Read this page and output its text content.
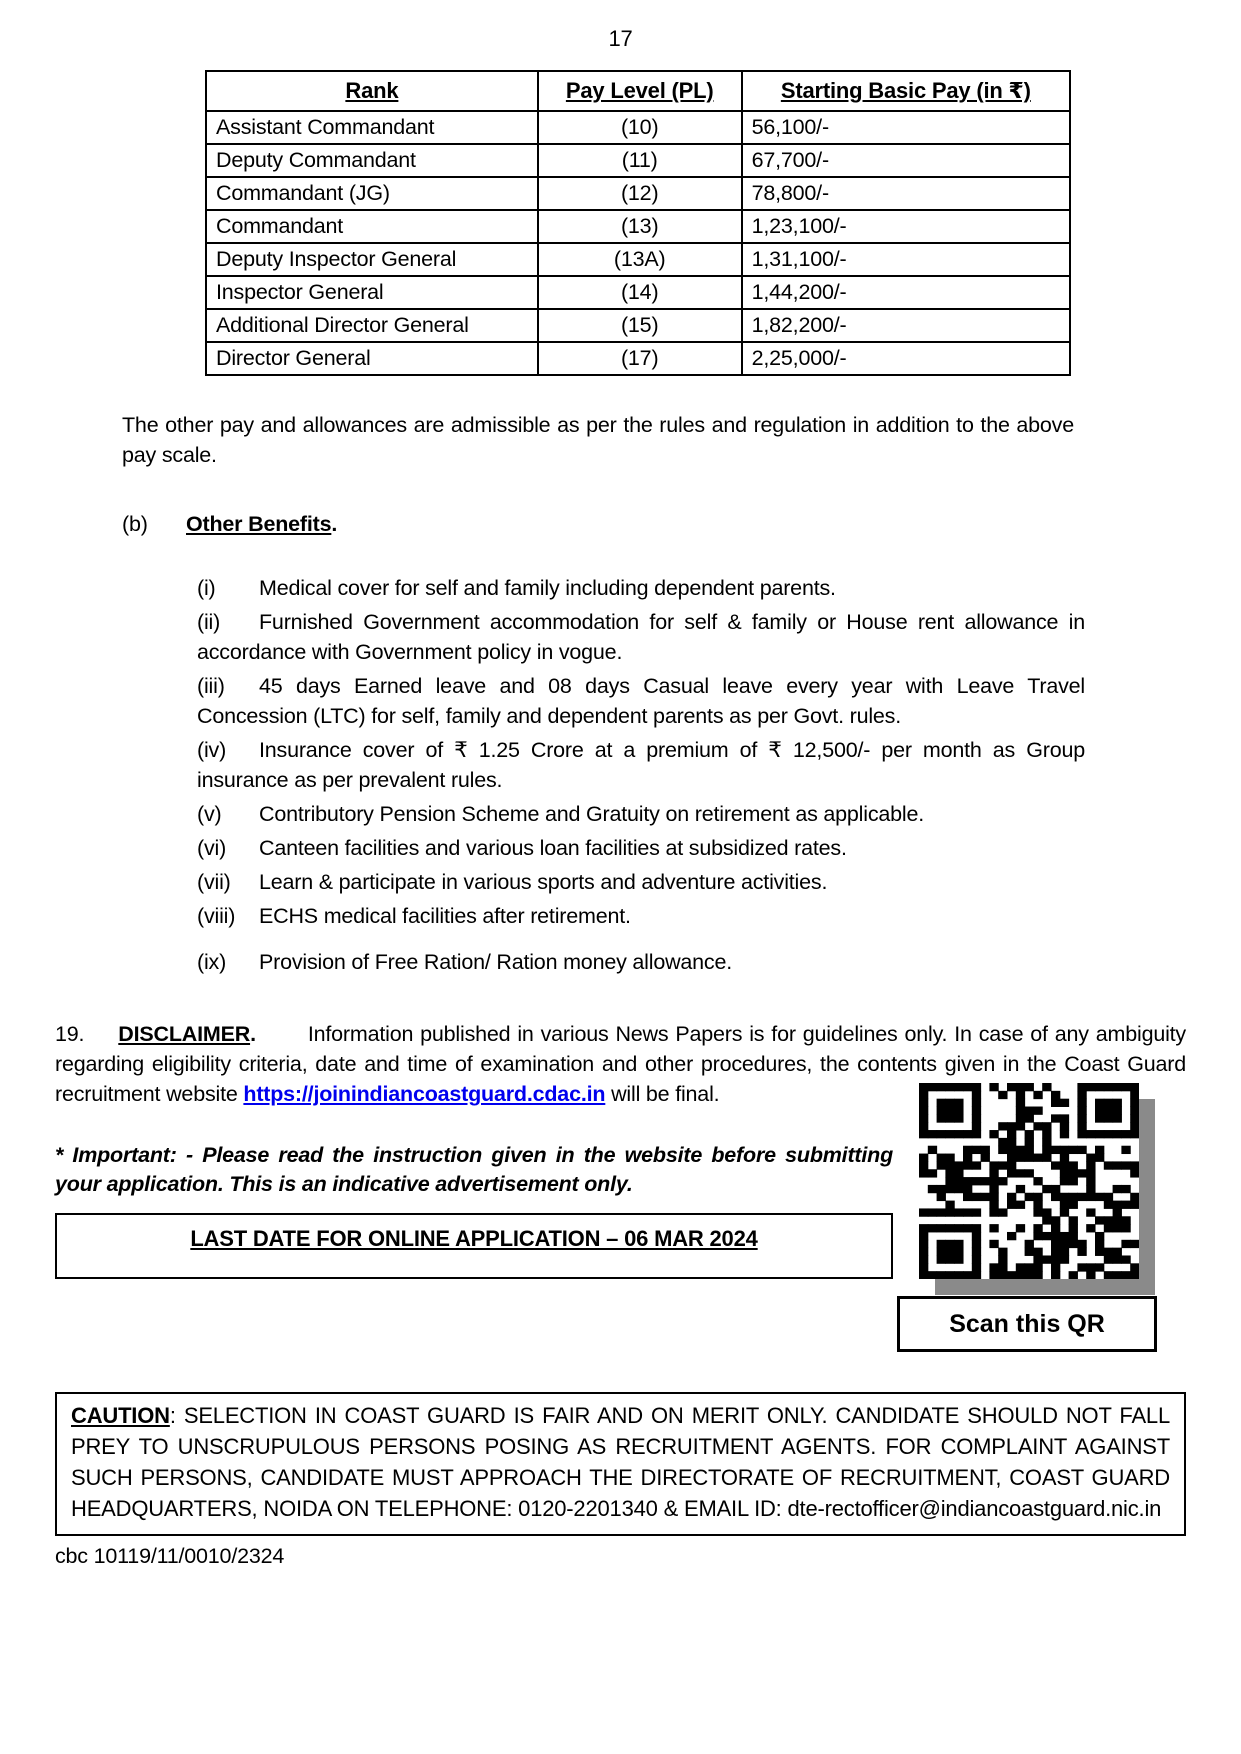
17
Rank	Pay Level (PL)	Starting Basic Pay (in ₹)
Assistant Commandant	(10)	56,100/-
Deputy Commandant	(11)	67,700/-
Commandant (JG)	(12)	78,800/-
Commandant	(13)	1,23,100/-
Deputy Inspector General	(13A)	1,31,100/-
Inspector General	(14)	1,44,200/-
Additional Director General	(15)	1,82,200/-
Director General	(17)	2,25,000/-

The other pay and allowances are admissible as per the rules and regulation in addition to the above pay scale.

(b) Other Benefits.
(i) Medical cover for self and family including dependent parents.
(ii) Furnished Government accommodation for self & family or House rent allowance in accordance with Government policy in vogue.
(iii) 45 days Earned leave and 08 days Casual leave every year with Leave Travel Concession (LTC) for self, family and dependent parents as per Govt. rules.
(iv) Insurance cover of ₹ 1.25 Crore at a premium of ₹ 12,500/- per month as Group insurance as per prevalent rules.
(v) Contributory Pension Scheme and Gratuity on retirement as applicable.
(vi) Canteen facilities and various loan facilities at subsidized rates.
(vii) Learn & participate in various sports and adventure activities.
(viii) ECHS medical facilities after retirement.
(ix) Provision of Free Ration/ Ration money allowance.

19. DISCLAIMER. Information published in various News Papers is for guidelines only. In case of any ambiguity regarding eligibility criteria, date and time of examination and other procedures, the contents given in the Coast Guard recruitment website https://joinindiancoastguard.cdac.in will be final.

* Important: - Please read the instruction given in the website before submitting your application. This is an indicative advertisement only.

LAST DATE FOR ONLINE APPLICATION – 06 MAR 2024
Scan this QR
CAUTION: SELECTION IN COAST GUARD IS FAIR AND ON MERIT ONLY. CANDIDATE SHOULD NOT FALL PREY TO UNSCRUPULOUS PERSONS POSING AS RECRUITMENT AGENTS. FOR COMPLAINT AGAINST SUCH PERSONS, CANDIDATE MUST APPROACH THE DIRECTORATE OF RECRUITMENT, COAST GUARD HEADQUARTERS, NOIDA ON TELEPHONE: 0120-2201340 & EMAIL ID: dte-rectofficer@indiancoastguard.nic.in
cbc 10119/11/0010/2324
